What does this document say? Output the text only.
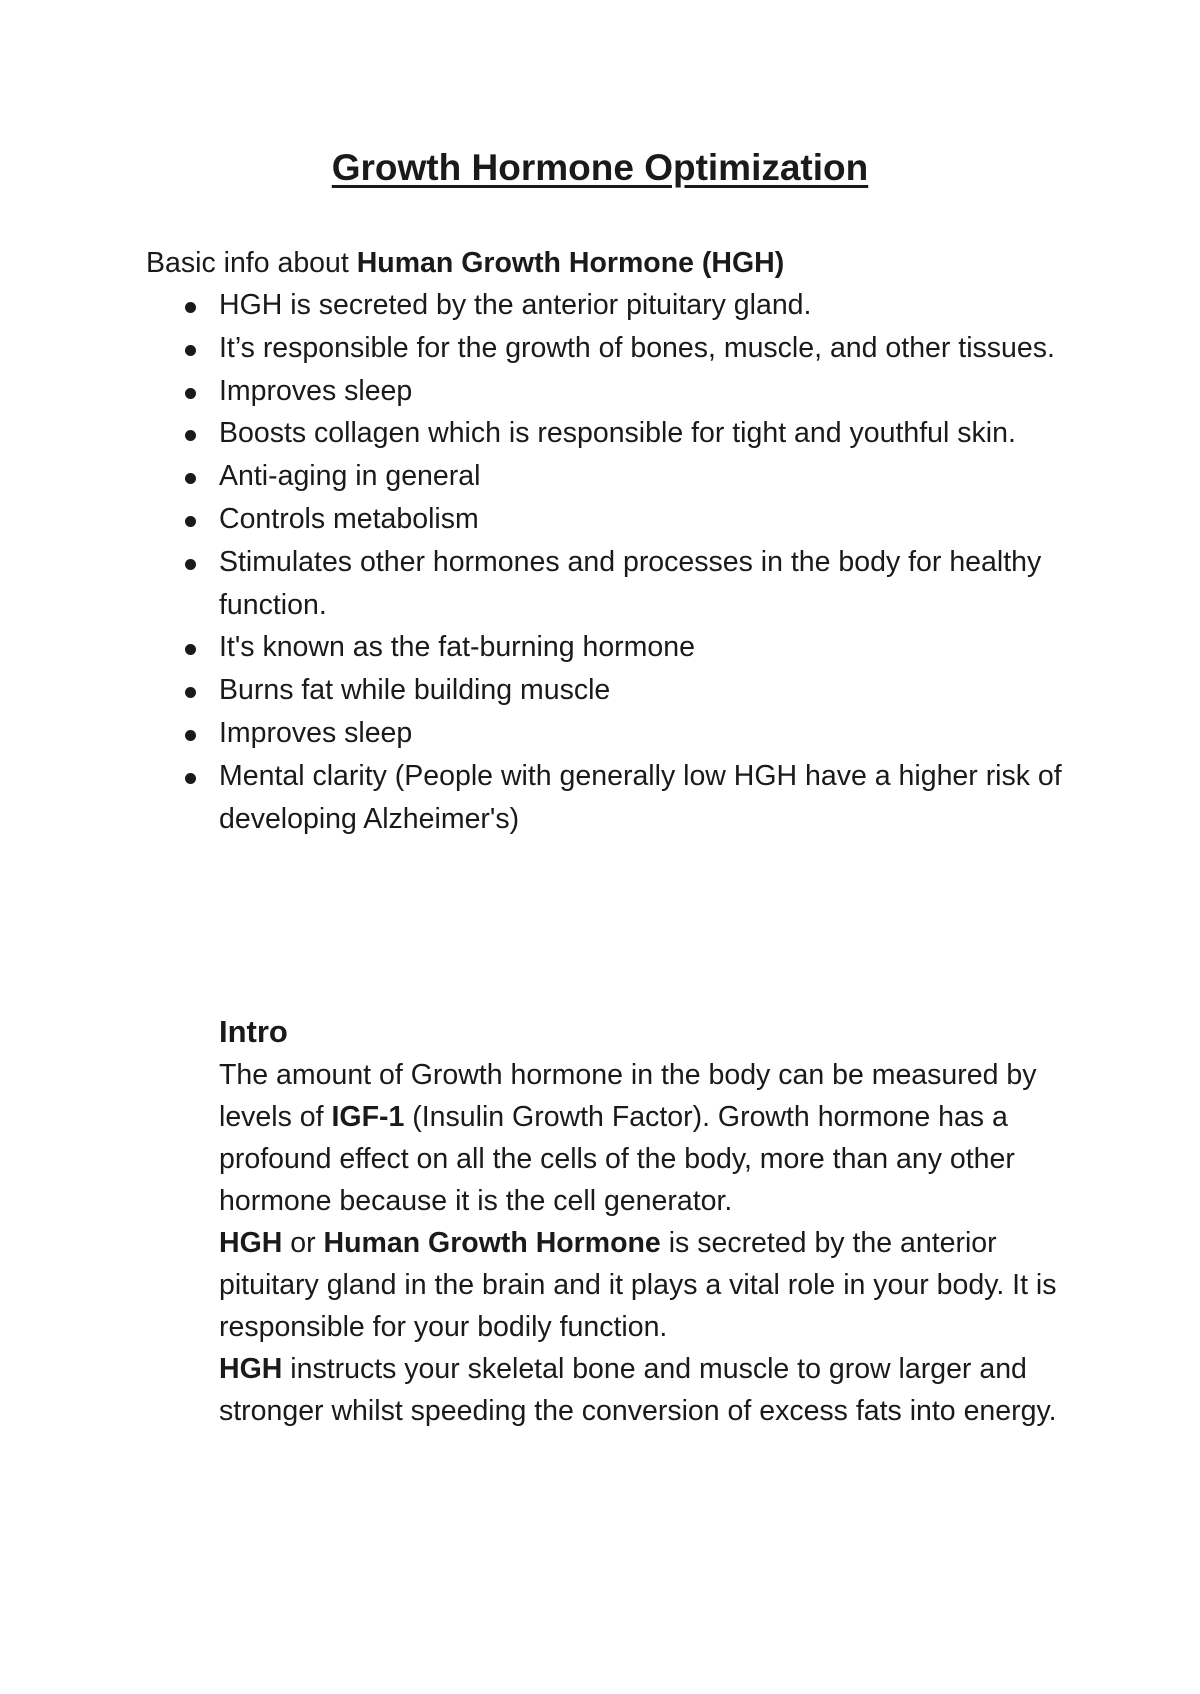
Growth Hormone Optimization

Basic info about Human Growth Hormone (HGH)

HGH is secreted by the anterior pituitary gland.
It’s responsible for the growth of bones, muscle, and other tissues.
Improves sleep
Boosts collagen which is responsible for tight and youthful skin.
Anti-aging in general
Controls metabolism
Stimulates other hormones and processes in the body for healthy function.
It's known as the fat-burning hormone
Burns fat while building muscle
Improves sleep
Mental clarity (People with generally low HGH have a higher risk of developing Alzheimer's)
Intro

The amount of Growth hormone in the body can be measured by levels of IGF-1 (Insulin Growth Factor). Growth hormone has a profound effect on all the cells of the body, more than any other hormone because it is the cell generator.

HGH or Human Growth Hormone is secreted by the anterior pituitary gland in the brain and it plays a vital role in your body. It is responsible for your bodily function.

HGH instructs your skeletal bone and muscle to grow larger and stronger whilst speeding the conversion of excess fats into energy.
